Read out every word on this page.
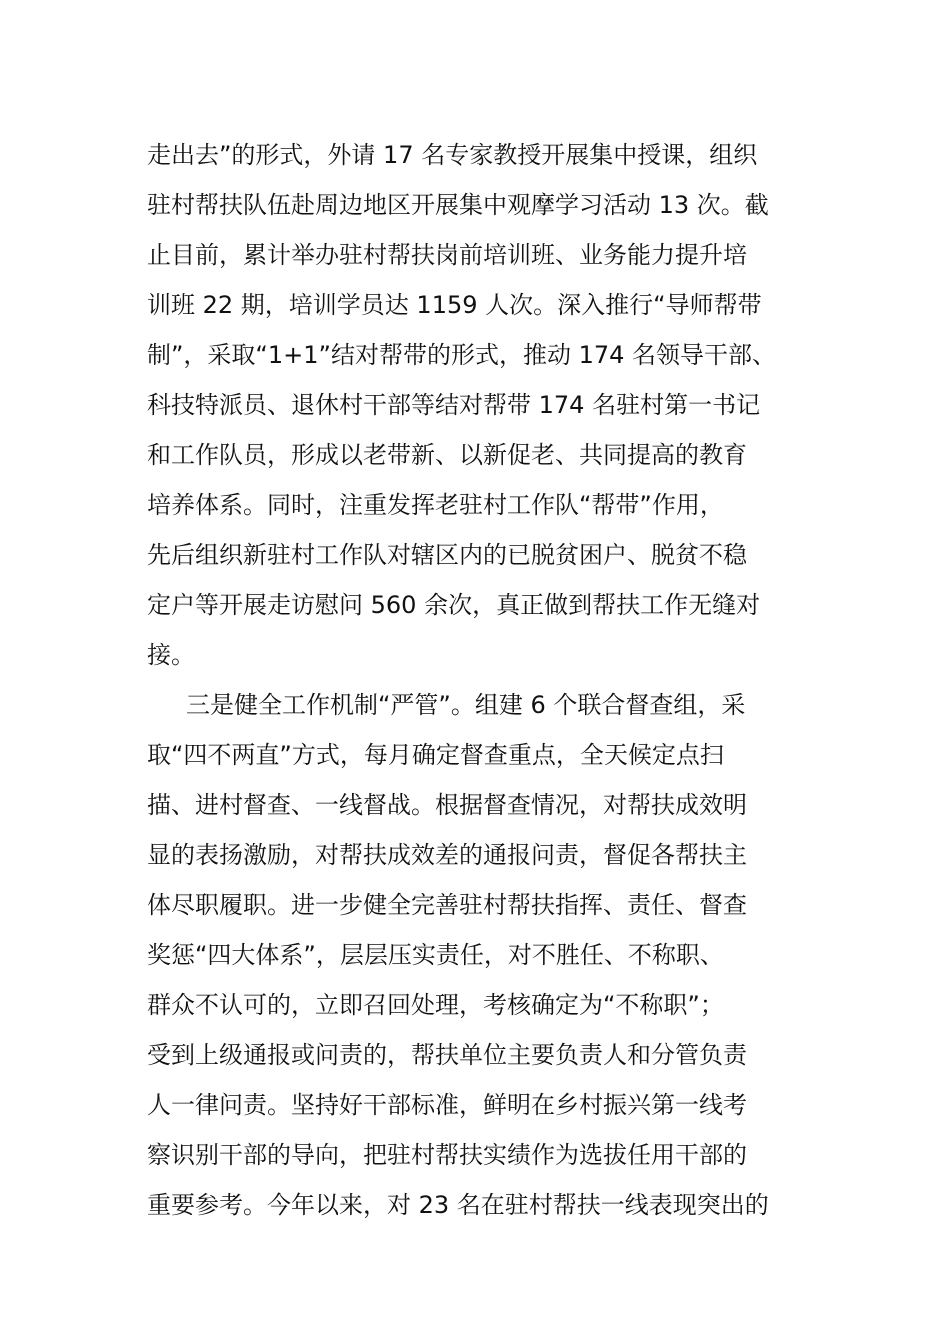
走出去”的形式，外请 17 名专家教授开展集中授课，组织
驻村帮扶队伍赴周边地区开展集中观摩学习活动 13 次。截
止目前，累计举办驻村帮扶岗前培训班、业务能力提升培
训班 22 期，培训学员达 1159 人次。深入推行“导师帮带
制”，采取“1+1”结对帮带的形式，推动 174 名领导干部、
科技特派员、退休村干部等结对帮带 174 名驻村第一书记
和工作队员，形成以老带新、以新促老、共同提高的教育
培养体系。同时，注重发挥老驻村工作队“帮带”作用，
先后组织新驻村工作队对辖区内的已脱贫困户、脱贫不稳
定户等开展走访慰问 560 余次，真正做到帮扶工作无缝对
接。
三是健全工作机制“严管”。组建 6 个联合督查组，采
取“四不两直”方式，每月确定督查重点，全天候定点扫
描、进村督查、一线督战。根据督查情况，对帮扶成效明
显的表扬激励，对帮扶成效差的通报问责，督促各帮扶主
体尽职履职。进一步健全完善驻村帮扶指挥、责任、督查
奖惩“四大体系”，层层压实责任，对不胜任、不称职、
群众不认可的，立即召回处理，考核确定为“不称职”；
受到上级通报或问责的，帮扶单位主要负责人和分管负责
人一律问责。坚持好干部标准，鲜明在乡村振兴第一线考
察识别干部的导向，把驻村帮扶实绩作为选拔任用干部的
重要参考。今年以来，对 23 名在驻村帮扶一线表现突出的
